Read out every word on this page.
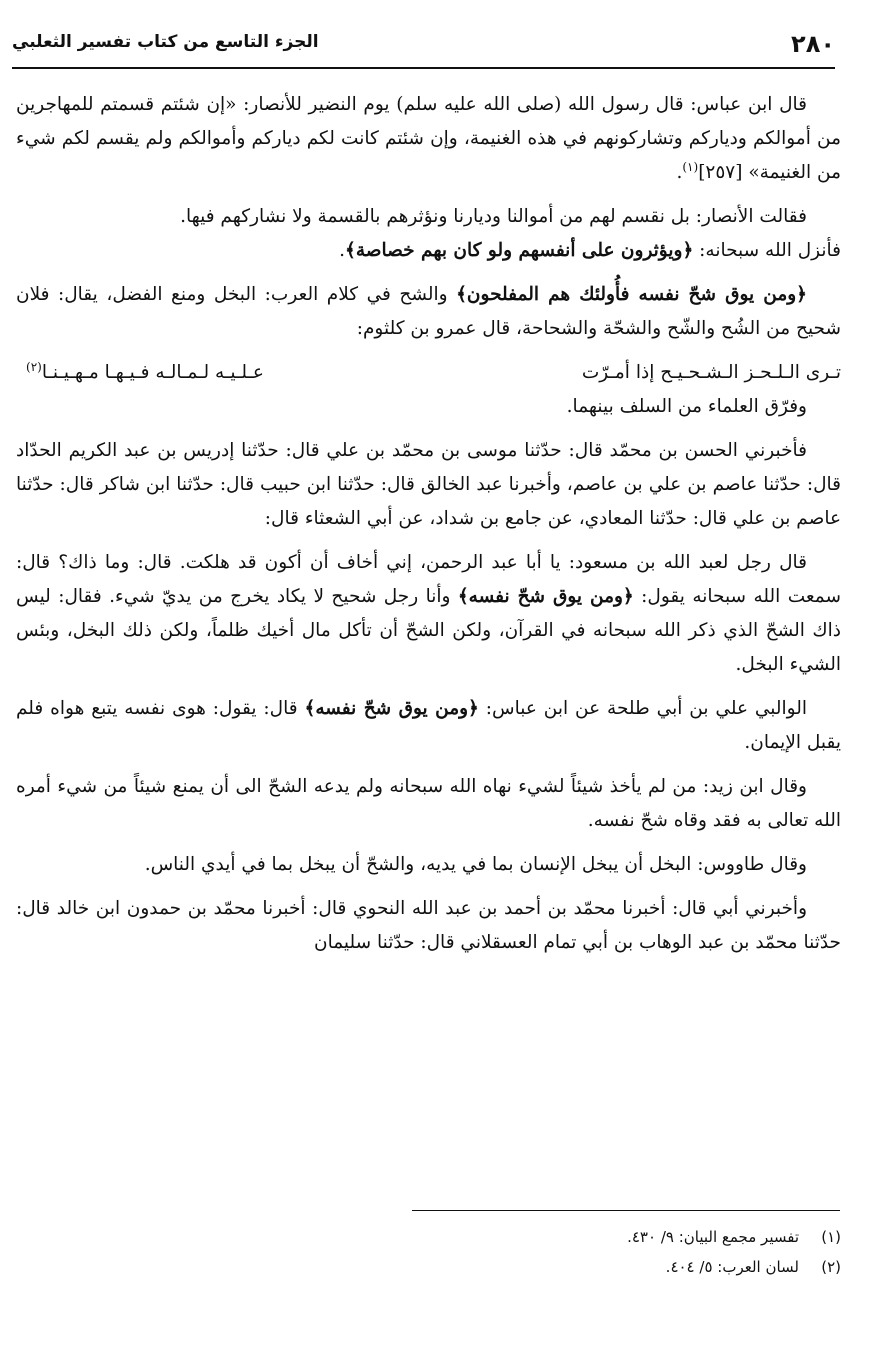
٢٨٠
الجزء التاسع من كتاب تفسير الثعلبي

قال ابن عباس: قال رسول الله (صلى الله عليه سلم) يوم النضير للأنصار: «إن شئتم قسمتم للمهاجرين من أموالكم ودياركم وتشاركونهم في هذه الغنيمة، وإن شئتم كانت لكم دياركم وأموالكم ولم يقسم لكم شيء من الغنيمة» [٢٥٧]$^{(١)}$.

فقالت الأنصار: بل نقسم لهم من أموالنا وديارنا ونؤثرهم بالقسمة ولا نشاركهم فيها.

فأنزل الله سبحانه: ﴿ويؤثرون على أنفسهم ولو كان بهم خصاصة﴾.

﴿ومن يوق شحّ نفسه فأُولئك هم المفلحون﴾ والشح في كلام العرب: البخل ومنع الفضل، يقال: فلان شحيح من الشُح والشّح والشحّة والشحاحة، قال عمرو بن كلثوم:

تـرى الـلـحـز الـشـحـيـح إذا أمـرّت
عـلـيـه لـمـالـه فـيـهـا مـهـيـنـا$^{(٢)}$

وفرّق العلماء من السلف بينهما.

فأخبرني الحسن بن محمّد قال: حدّثنا موسى بن محمّد بن علي قال: حدّثنا إدريس بن عبد الكريم الحدّاد قال: حدّثنا عاصم بن علي بن عاصم، وأخبرنا عبد الخالق قال: حدّثنا ابن حبيب قال: حدّثنا ابن شاكر قال: حدّثنا عاصم بن علي قال: حدّثنا المعادي، عن جامع بن شداد، عن أبي الشعثاء قال:

قال رجل لعبد الله بن مسعود: يا أبا عبد الرحمن، إني أخاف أن أكون قد هلكت. قال: وما ذاك؟ قال: سمعت الله سبحانه يقول: ﴿ومن يوق شحّ نفسه﴾ وأنا رجل شحيح لا يكاد يخرج من يديّ شيء. فقال: ليس ذاك الشحّ الذي ذكر الله سبحانه في القرآن، ولكن الشحّ أن تأكل مال أخيك ظلماً، ولكن ذلك البخل، وبئس الشيء البخل.

الوالبي علي بن أبي طلحة عن ابن عباس: ﴿ومن يوق شحّ نفسه﴾ قال: يقول: هوى نفسه يتبع هواه فلم يقبل الإيمان.

وقال ابن زيد: من لم يأخذ شيئاً لشيء نهاه الله سبحانه ولم يدعه الشحّ الى أن يمنع شيئاً من شيء أمره الله تعالى به فقد وقاه شحّ نفسه.

وقال طاووس: البخل أن يبخل الإنسان بما في يديه، والشحّ أن يبخل بما في أيدي الناس.

وأخبرني أبي قال: أخبرنا محمّد بن أحمد بن عبد الله النحوي قال: أخبرنا محمّد بن حمدون ابن خالد قال: حدّثنا محمّد بن عبد الوهاب بن أبي تمام العسقلاني قال: حدّثنا سليمان

(١)
تفسير مجمع البيان: ٩/ ٤٣٠.
(٢)
لسان العرب: ٥/ ٤٠٤.
